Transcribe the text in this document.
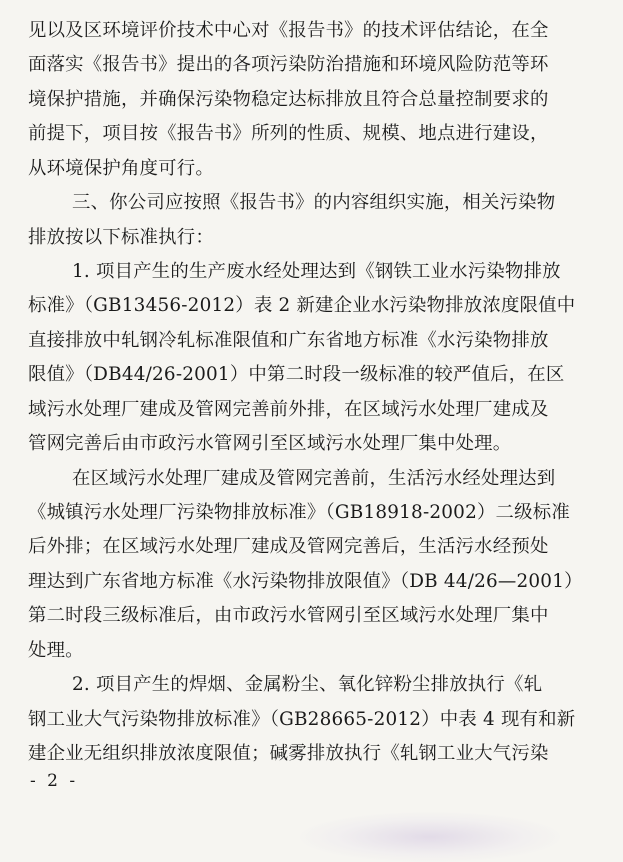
见以及区环境评价技术中心对《报告书》的技术评估结论，在全
面落实《报告书》提出的各项污染防治措施和环境风险防范等环
境保护措施，并确保污染物稳定达标排放且符合总量控制要求的
前提下，项目按《报告书》所列的性质、规模、地点进行建设，
从环境保护角度可行。
三、你公司应按照《报告书》的内容组织实施，相关污染物
排放按以下标准执行：
1. 项目产生的生产废水经处理达到《钢铁工业水污染物排放
标准》（GB13456-2012）表 2 新建企业水污染物排放浓度限值中
直接排放中轧钢冷轧标准限值和广东省地方标准《水污染物排放
限值》（DB44/26-2001）中第二时段一级标准的较严值后，在区
域污水处理厂建成及管网完善前外排，在区域污水处理厂建成及
管网完善后由市政污水管网引至区域污水处理厂集中处理。
在区域污水处理厂建成及管网完善前，生活污水经处理达到
《城镇污水处理厂污染物排放标准》（GB18918-2002）二级标准
后外排；在区域污水处理厂建成及管网完善后，生活污水经预处
理达到广东省地方标准《水污染物排放限值》（DB 44/26—2001）
第二时段三级标准后，由市政污水管网引至区域污水处理厂集中
处理。
2. 项目产生的焊烟、金属粉尘、氧化锌粉尘排放执行《轧
钢工业大气污染物排放标准》（GB28665-2012）中表 4 现有和新
建企业无组织排放浓度限值；碱雾排放执行《轧钢工业大气污染
- 2 -
